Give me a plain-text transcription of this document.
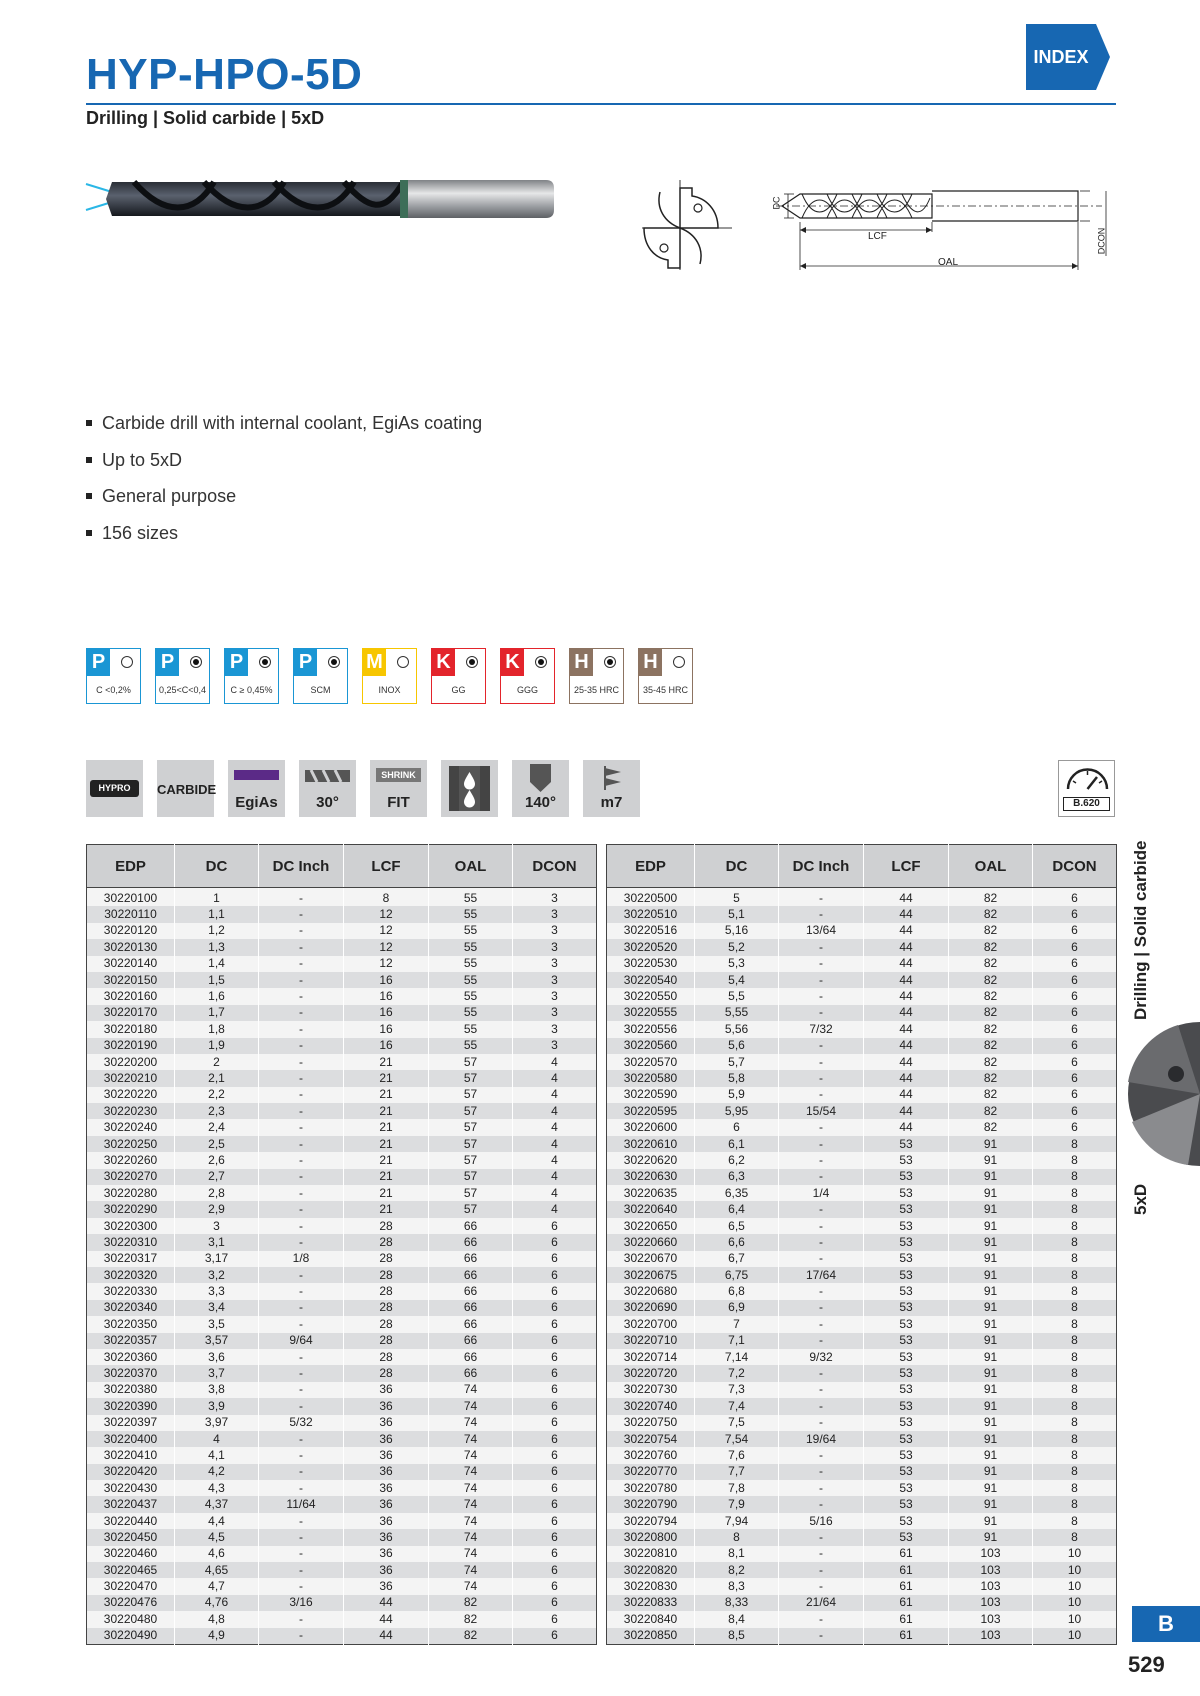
HYP-HPO-5D
Drilling | Solid carbide | 5xD
INDEX
DC
LCF
OAL
DCON
Carbide drill with internal coolant, EgiAs coating
Up to 5xD
General purpose
156 sizes
P
C <0,2%
P
0,25<C<0,4
P
C ≥ 0,45%
P
SCM
M
INOX
K
GG
K
GGG
H
25-35 HRC
H
35-45 HRC
HYPRO	CARBIDE
EgiAs	30°
SHRINK
FIT	140°	m7	B.620
EDP	DC	DC Inch	LCF	OAL	DCON
30220100	1	-	8	55	3
30220110	1,1	-	12	55	3
30220120	1,2	-	12	55	3
30220130	1,3	-	12	55	3
30220140	1,4	-	12	55	3
30220150	1,5	-	16	55	3
30220160	1,6	-	16	55	3
30220170	1,7	-	16	55	3
30220180	1,8	-	16	55	3
30220190	1,9	-	16	55	3
30220200	2	-	21	57	4
30220210	2,1	-	21	57	4
30220220	2,2	-	21	57	4
30220230	2,3	-	21	57	4
30220240	2,4	-	21	57	4
30220250	2,5	-	21	57	4
30220260	2,6	-	21	57	4
30220270	2,7	-	21	57	4
30220280	2,8	-	21	57	4
30220290	2,9	-	21	57	4
30220300	3	-	28	66	6
30220310	3,1	-	28	66	6
30220317	3,17	1/8	28	66	6
30220320	3,2	-	28	66	6
30220330	3,3	-	28	66	6
30220340	3,4	-	28	66	6
30220350	3,5	-	28	66	6
30220357	3,57	9/64	28	66	6
30220360	3,6	-	28	66	6
30220370	3,7	-	28	66	6
30220380	3,8	-	36	74	6
30220390	3,9	-	36	74	6
30220397	3,97	5/32	36	74	6
30220400	4	-	36	74	6
30220410	4,1	-	36	74	6
30220420	4,2	-	36	74	6
30220430	4,3	-	36	74	6
30220437	4,37	11/64	36	74	6
30220440	4,4	-	36	74	6
30220450	4,5	-	36	74	6
30220460	4,6	-	36	74	6
30220465	4,65	-	36	74	6
30220470	4,7	-	36	74	6
30220476	4,76	3/16	44	82	6
30220480	4,8	-	44	82	6
30220490	4,9	-	44	82	6
EDP	DC	DC Inch	LCF	OAL	DCON
30220500	5	-	44	82	6
30220510	5,1	-	44	82	6
30220516	5,16	13/64	44	82	6
30220520	5,2	-	44	82	6
30220530	5,3	-	44	82	6
30220540	5,4	-	44	82	6
30220550	5,5	-	44	82	6
30220555	5,55	-	44	82	6
30220556	5,56	7/32	44	82	6
30220560	5,6	-	44	82	6
30220570	5,7	-	44	82	6
30220580	5,8	-	44	82	6
30220590	5,9	-	44	82	6
30220595	5,95	15/54	44	82	6
30220600	6	-	44	82	6
30220610	6,1	-	53	91	8
30220620	6,2	-	53	91	8
30220630	6,3	-	53	91	8
30220635	6,35	1/4	53	91	8
30220640	6,4	-	53	91	8
30220650	6,5	-	53	91	8
30220660	6,6	-	53	91	8
30220670	6,7	-	53	91	8
30220675	6,75	17/64	53	91	8
30220680	6,8	-	53	91	8
30220690	6,9	-	53	91	8
30220700	7	-	53	91	8
30220710	7,1	-	53	91	8
30220714	7,14	9/32	53	91	8
30220720	7,2	-	53	91	8
30220730	7,3	-	53	91	8
30220740	7,4	-	53	91	8
30220750	7,5	-	53	91	8
30220754	7,54	19/64	53	91	8
30220760	7,6	-	53	91	8
30220770	7,7	-	53	91	8
30220780	7,8	-	53	91	8
30220790	7,9	-	53	91	8
30220794	7,94	5/16	53	91	8
30220800	8	-	53	91	8
30220810	8,1	-	61	103	10
30220820	8,2	-	61	103	10
30220830	8,3	-	61	103	10
30220833	8,33	21/64	61	103	10
30220840	8,4	-	61	103	10
30220850	8,5	-	61	103	10
Drilling | Solid carbide
5xD
B
529
